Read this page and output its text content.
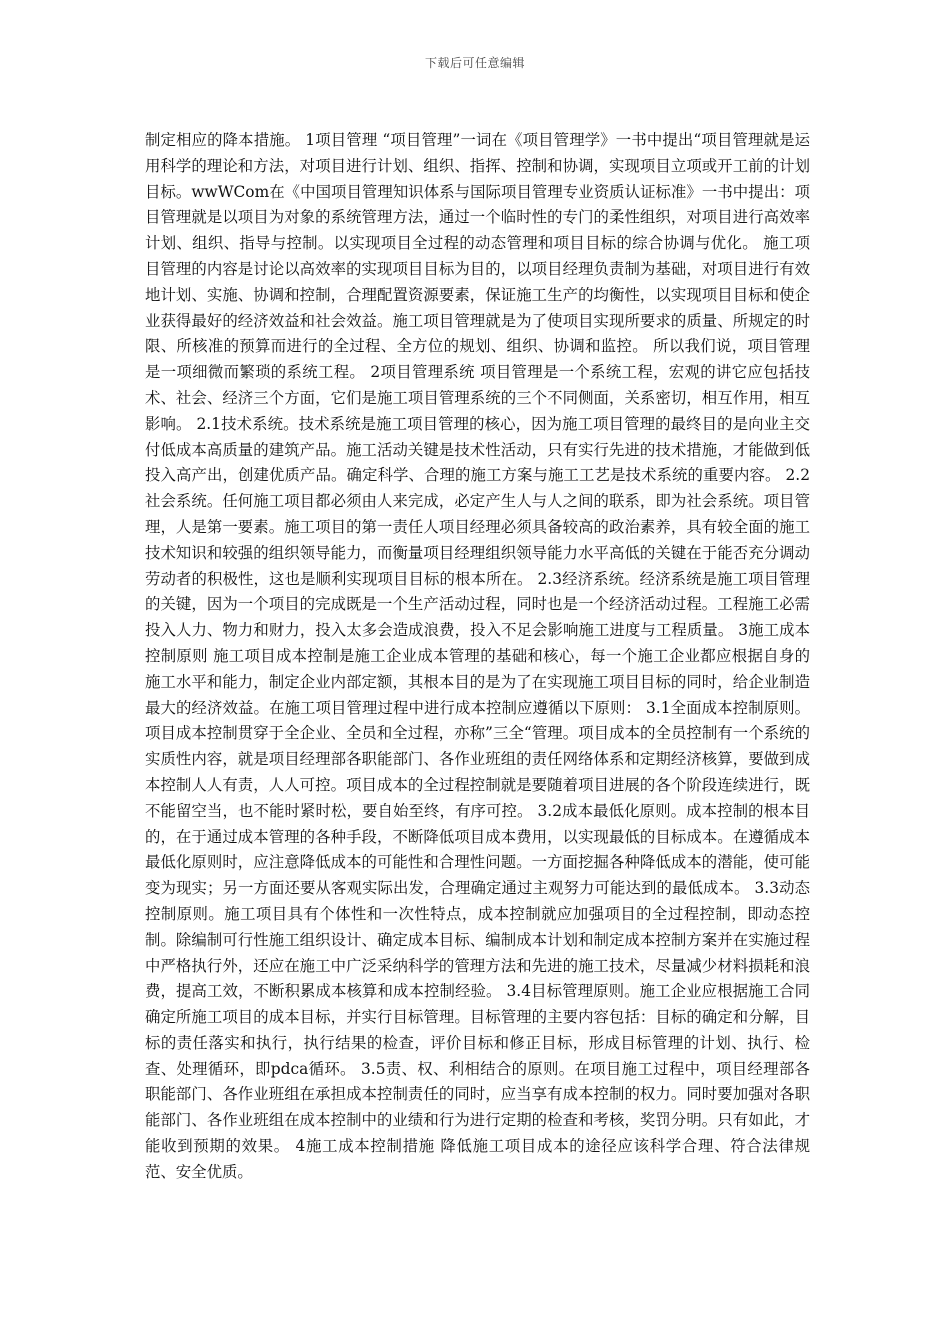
下载后可任意编辑

制定相应的降本措施。 1项目管理 “项目管理”一词在《项目管理学》一书中提出“项目管理就是运用科学的理论和方法，对项目进行计划、组织、指挥、控制和协调，实现项目立项或开工前的计划目标。wwWCom在《中国项目管理知识体系与国际项目管理专业资质认证标准》一书中提出：项目管理就是以项目为对象的系统管理方法，通过一个临时性的专门的柔性组织，对项目进行高效率计划、组织、指导与控制。以实现项目全过程的动态管理和项目目标的综合协调与优化。 施工项目管理的内容是讨论以高效率的实现项目目标为目的，以项目经理负责制为基础，对项目进行有效地计划、实施、协调和控制，合理配置资源要素，保证施工生产的均衡性，以实现项目目标和使企业获得最好的经济效益和社会效益。施工项目管理就是为了使项目实现所要求的质量、所规定的时限、所核准的预算而进行的全过程、全方位的规划、组织、协调和监控。 所以我们说，项目管理是一项细微而繁琐的系统工程。 2项目管理系统 项目管理是一个系统工程，宏观的讲它应包括技术、社会、经济三个方面，它们是施工项目管理系统的三个不同侧面，关系密切，相互作用，相互影响。 2.1技术系统。技术系统是施工项目管理的核心，因为施工项目管理的最终目的是向业主交付低成本高质量的建筑产品。施工活动关键是技术性活动，只有实行先进的技术措施，才能做到低投入高产出，创建优质产品。确定科学、合理的施工方案与施工工艺是技术系统的重要内容。 2.2社会系统。任何施工项目都必须由人来完成，必定产生人与人之间的联系，即为社会系统。项目管理，人是第一要素。施工项目的第一责任人项目经理必须具备较高的政治素养，具有较全面的施工技术知识和较强的组织领导能力，而衡量项目经理组织领导能力水平高低的关键在于能否充分调动劳动者的积极性，这也是顺利实现项目目标的根本所在。 2.3经济系统。经济系统是施工项目管理的关键，因为一个项目的完成既是一个生产活动过程，同时也是一个经济活动过程。工程施工必需投入人力、物力和财力，投入太多会造成浪费，投入不足会影响施工进度与工程质量。 3施工成本控制原则 施工项目成本控制是施工企业成本管理的基础和核心，每一个施工企业都应根据自身的施工水平和能力，制定企业内部定额，其根本目的是为了在实现施工项目目标的同时，给企业制造最大的经济效益。在施工项目管理过程中进行成本控制应遵循以下原则： 3.1全面成本控制原则。项目成本控制贯穿于全企业、全员和全过程，亦称”三全“管理。项目成本的全员控制有一个系统的实质性内容，就是项目经理部各职能部门、各作业班组的责任网络体系和定期经济核算，要做到成本控制人人有责，人人可控。项目成本的全过程控制就是要随着项目进展的各个阶段连续进行，既不能留空当，也不能时紧时松，要自始至终，有序可控。 3.2成本最低化原则。成本控制的根本目的，在于通过成本管理的各种手段，不断降低项目成本费用，以实现最低的目标成本。在遵循成本最低化原则时，应注意降低成本的可能性和合理性问题。一方面挖掘各种降低成本的潜能，使可能变为现实；另一方面还要从客观实际出发，合理确定通过主观努力可能达到的最低成本。 3.3动态控制原则。施工项目具有个体性和一次性特点，成本控制就应加强项目的全过程控制，即动态控制。除编制可行性施工组织设计、确定成本目标、编制成本计划和制定成本控制方案并在实施过程中严格执行外，还应在施工中广泛采纳科学的管理方法和先进的施工技术，尽量减少材料损耗和浪费，提高工效，不断积累成本核算和成本控制经验。 3.4目标管理原则。施工企业应根据施工合同确定所施工项目的成本目标，并实行目标管理。目标管理的主要内容包括：目标的确定和分解，目标的责任落实和执行，执行结果的检查，评价目标和修正目标，形成目标管理的计划、执行、检查、处理循环，即pdca循环。 3.5责、权、利相结合的原则。在项目施工过程中，项目经理部各职能部门、各作业班组在承担成本控制责任的同时，应当享有成本控制的权力。同时要加强对各职能部门、各作业班组在成本控制中的业绩和行为进行定期的检查和考核，奖罚分明。只有如此，才能收到预期的效果。 4施工成本控制措施 降低施工项目成本的途径应该科学合理、符合法律规范、安全优质。
